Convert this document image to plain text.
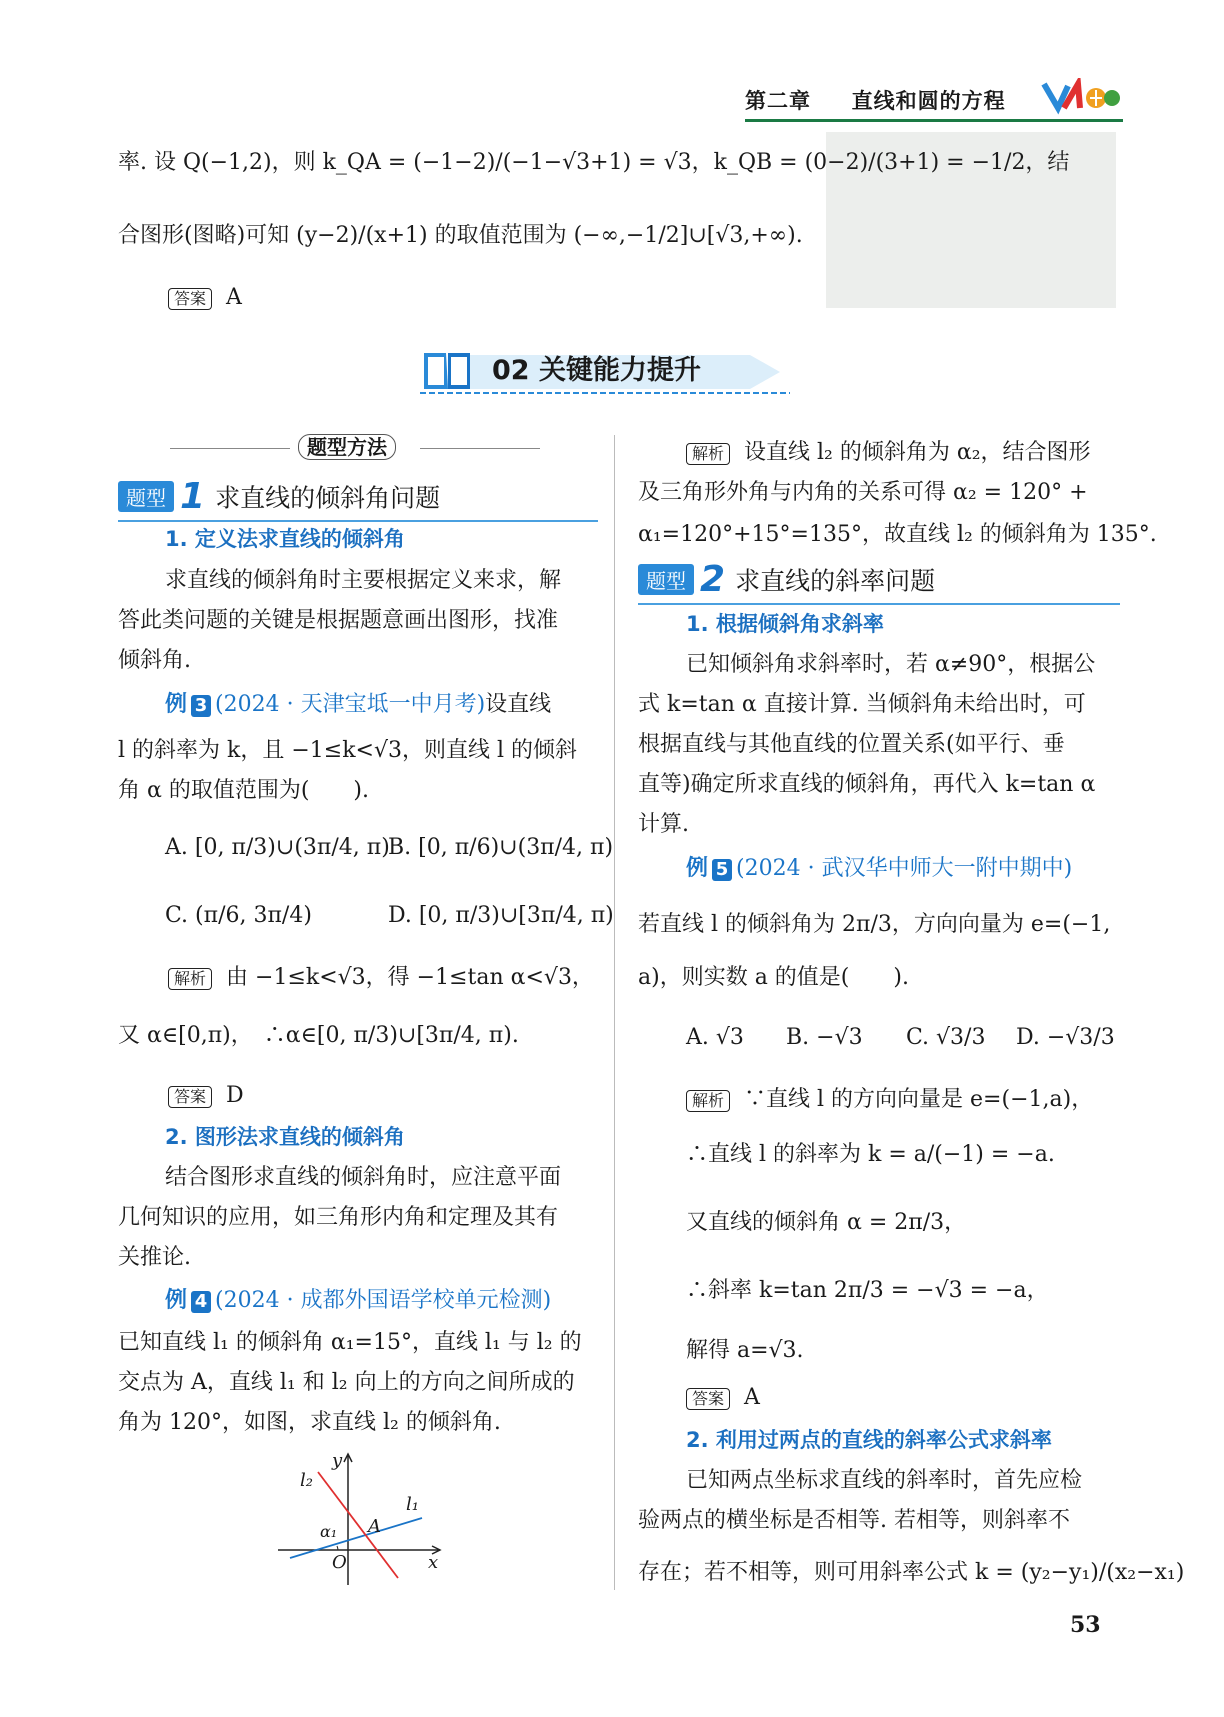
第二章 直线和圆的方程
率. 设 Q(−1,2)，则 k_QA = (−1−2)/(−1−√3+1) = √3，k_QB = (0−2)/(3+1) = −1/2，结
合图形(图略)可知 (y−2)/(x+1) 的取值范围为 (−∞,−1/2]∪[√3,+∞).
答案 A
02 关键能力提升
题型方法
题型 1 求直线的倾斜角问题
1. 定义法求直线的倾斜角
求直线的倾斜角时主要根据定义来求，解
答此类问题的关键是根据题意画出图形，找准
倾斜角.
例 3 (2024 · 天津宝坻一中月考)设直线
l 的斜率为 k，且 −1≤k<√3，则直线 l 的倾斜
角 α 的取值范围为(　　).
A. [0, π/3)∪(3π/4, π)
B. [0, π/6)∪(3π/4, π)
C. (π/6, 3π/4)	D. [0, π/3)∪[3π/4, π)
解析 由 −1≤k<√3，得 −1≤tan α<√3，
又 α∈[0,π)，　∴α∈[0, π/3)∪[3π/4, π).
答案 D
2. 图形法求直线的倾斜角
结合图形求直线的倾斜角时，应注意平面
几何知识的应用，如三角形内角和定理及其有
关推论.
例 4 (2024 · 成都外国语学校单元检测)
已知直线 l₁ 的倾斜角 α₁=15°，直线 l₁ 与 l₂ 的
交点为 A，直线 l₁ 和 l₂ 向上的方向之间所成的
角为 120°，如图，求直线 l₂ 的倾斜角.
y
x
O
A
l₁
l₂
α₁
解析 设直线 l₂ 的倾斜角为 α₂，结合图形
及三角形外角与内角的关系可得 α₂ = 120° +
α₁=120°+15°=135°，故直线 l₂ 的倾斜角为 135°.
题型 2 求直线的斜率问题
1. 根据倾斜角求斜率
已知倾斜角求斜率时，若 α≠90°，根据公
式 k=tan α 直接计算. 当倾斜角未给出时，可
根据直线与其他直线的位置关系(如平行、垂
直等)确定所求直线的倾斜角，再代入 k=tan α
计算.
例 5 (2024 · 武汉华中师大一附中期中)
若直线 l 的倾斜角为 2π/3，方向向量为 e=(−1,
a)，则实数 a 的值是(　　).
A. √3 B. −√3 C. √3/3 D. −√3/3
解析 ∵直线 l 的方向向量是 e=(−1,a)，
∴直线 l 的斜率为 k = a/(−1) = −a.
又直线的倾斜角 α = 2π/3，
∴斜率 k=tan 2π/3 = −√3 = −a，
解得 a=√3.
答案 A
2. 利用过两点的直线的斜率公式求斜率
已知两点坐标求直线的斜率时，首先应检
验两点的横坐标是否相等. 若相等，则斜率不
存在；若不相等，则可用斜率公式 k = (y₂−y₁)/(x₂−x₁)
53
